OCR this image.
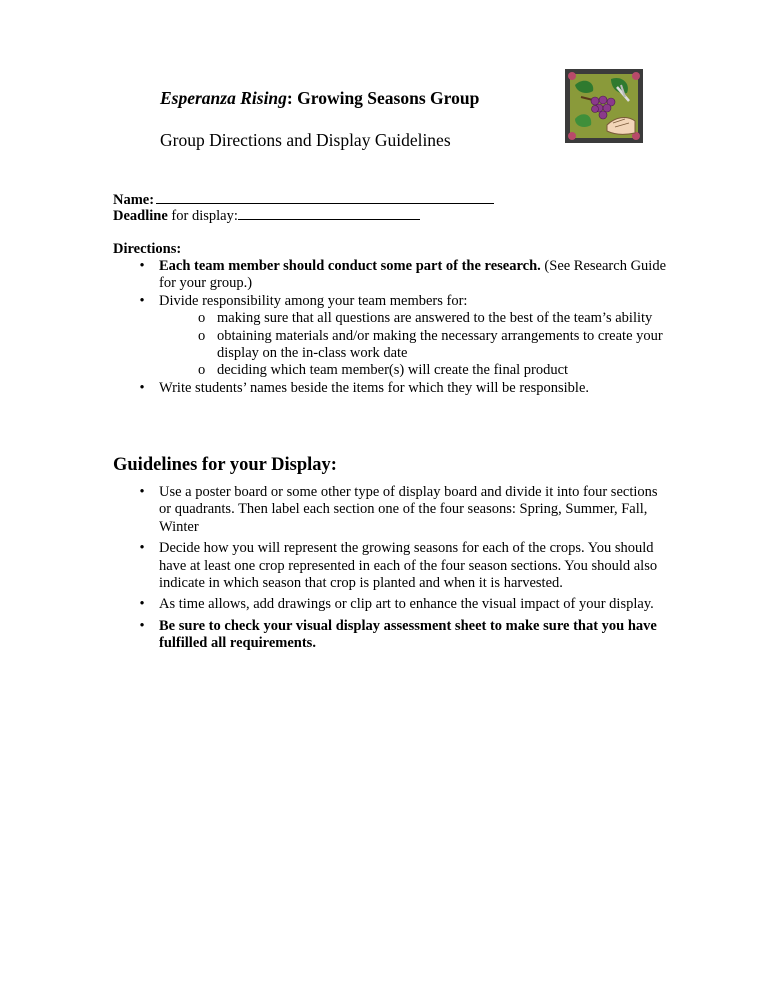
Esperanza Rising: Growing Seasons Group
Group Directions and Display Guidelines
Name:
Deadline for display:
Directions:
• Each team member should conduct some part of the research. (See Research Guide for your group.)
• Divide responsibility among your team members for:
o making sure that all questions are answered to the best of the team’s ability
o obtaining materials and/or making the necessary arrangements to create your display on the in-class work date
o deciding which team member(s) will create the final product
• Write students’ names beside the items for which they will be responsible.
Guidelines for your Display:
• Use a poster board or some other type of display board and divide it into four sections or quadrants. Then label each section one of the four seasons: Spring, Summer, Fall, Winter
• Decide how you will represent the growing seasons for each of the crops. You should have at least one crop represented in each of the four season sections. You should also indicate in which season that crop is planted and when it is harvested.
• As time allows, add drawings or clip art to enhance the visual impact of your display.
• Be sure to check your visual display assessment sheet to make sure that you have fulfilled all requirements.
